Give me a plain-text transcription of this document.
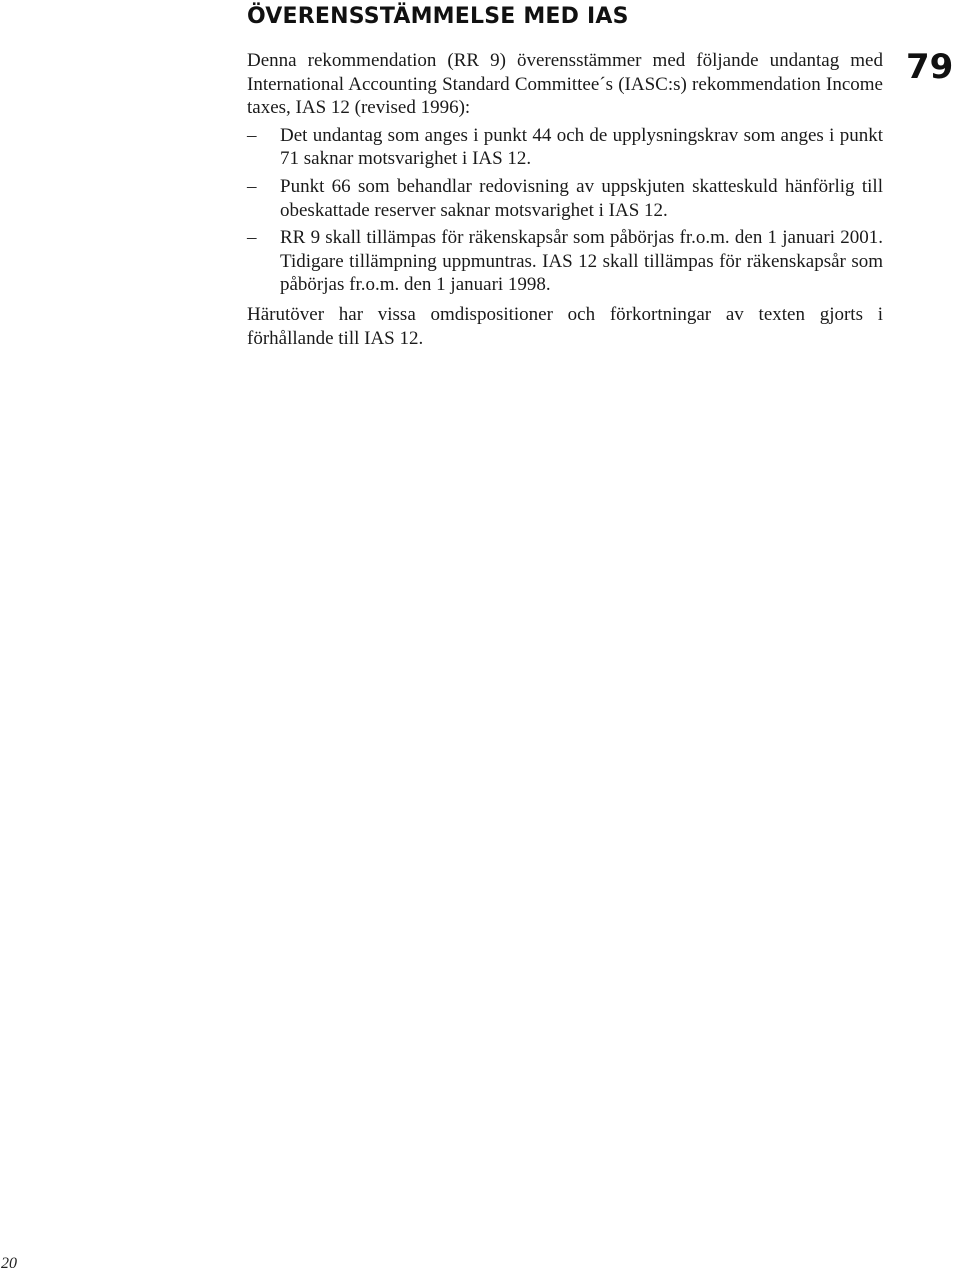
ÖVERENSSTÄMMELSE MED IAS
79

Denna rekommendation (RR 9) överensstämmer med följande undantag med International Accounting Standard Committee´s (IASC:s) rekommendation Income taxes, IAS 12 (revised 1996):

– Det undantag som anges i punkt 44 och de upplysningskrav som anges i punkt 71 saknar motsvarighet i IAS 12.
– Punkt 66 som behandlar redovisning av uppskjuten skatteskuld hänförlig till obeskattade reserver saknar motsvarighet i IAS 12.
– RR 9 skall tillämpas för räkenskapsår som påbörjas fr.o.m. den 1 januari 2001. Tidigare tillämpning uppmuntras. IAS 12 skall tillämpas för räkenskapsår som påbörjas fr.o.m. den 1 januari 1998.

Härutöver har vissa omdispositioner och förkortningar av texten gjorts i förhållande till IAS 12.

20
